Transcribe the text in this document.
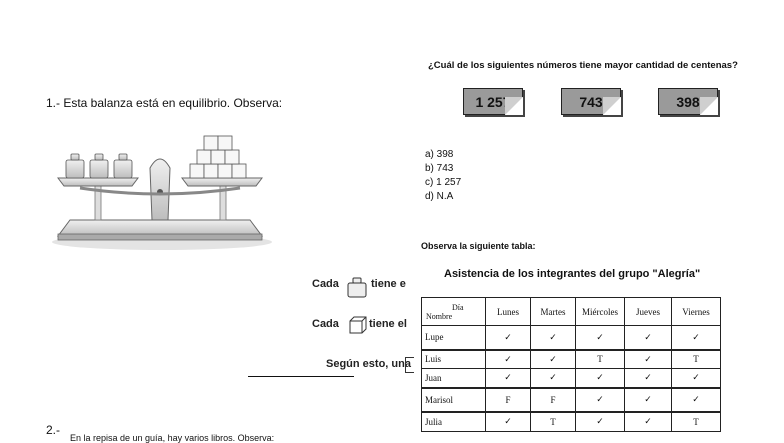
1.- Esta balanza está en equilibrio. Observa:
Cada	tiene e
Cada	tiene el
Según esto, una
2.-
En la repisa de un guía, hay varios libros. Observa:
¿Cuál de los siguientes números tiene mayor cantidad de centenas?
1 257	743	398
a) 398
b) 743
c) 1 257
d) N.A
Observa la siguiente tabla:
Asistencia de los integrantes del grupo "Alegría"
Día
Nombre	Lunes	Martes	Miércoles	Jueves	Viernes
Lupe	✓	✓	✓	✓	✓
Luis	✓	✓	T	✓	T
Juan	✓	✓	✓	✓	✓
Marisol	F	F	✓	✓	✓
Julia	✓	T	✓	✓	T
